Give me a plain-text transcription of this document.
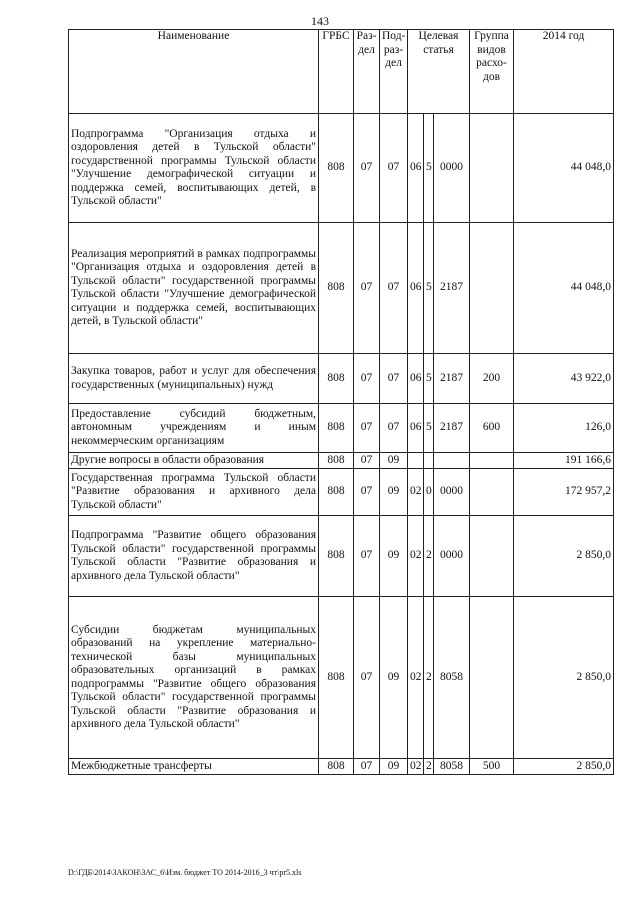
143
Наименование	ГРБС	Раз-дел	Под-раз-дел	Целевая статья			Группа видов расхо-дов	2014 год
Подпрограмма "Организация отдыха и оздоровления детей в Тульской области" государственной программы Тульской области "Улучшение демографической ситуации и поддержка семей, воспитывающих детей, в Тульской области"	808	07	07	06	5	0000		44 048,0
Реализация мероприятий в рамках подпрограммы "Организация отдыха и оздоровления детей в Тульской области" государственной программы Тульской области "Улучшение демографической ситуации и поддержка семей, воспитывающих детей, в Тульской области"	808	07	07	06	5	2187		44 048,0
Закупка товаров, работ и услуг для обеспечения государственных (муниципальных) нужд	808	07	07	06	5	2187	200	43 922,0
Предоставление субсидий бюджетным, автономным учреждениям и иным некоммерческим организациям	808	07	07	06	5	2187	600	126,0
Другие вопросы в области образования	808	07	09					191 166,6
Государственная программа Тульской области "Развитие образования и архивного дела Тульской области"	808	07	09	02	0	0000		172 957,2
Подпрограмма "Развитие общего образования Тульской области" государственной программы Тульской области "Развитие образования и архивного дела Тульской области"	808	07	09	02	2	0000		2 850,0
Субсидии бюджетам муниципальных образований на укрепление материально-технической базы муниципальных образовательных организаций в рамках подпрограммы "Развитие общего образования Тульской области" государственной программы Тульской области "Развитие образования и архивного дела Тульской области"	808	07	09	02	2	8058		2 850,0
Межбюджетные трансферты	808	07	09	02	2	8058	500	2 850,0
D:\ГДБ\2014\ЗАКОН\ЗАС_6\Изм. бюджет ТО 2014-2016_3 чт\pr5.xls
